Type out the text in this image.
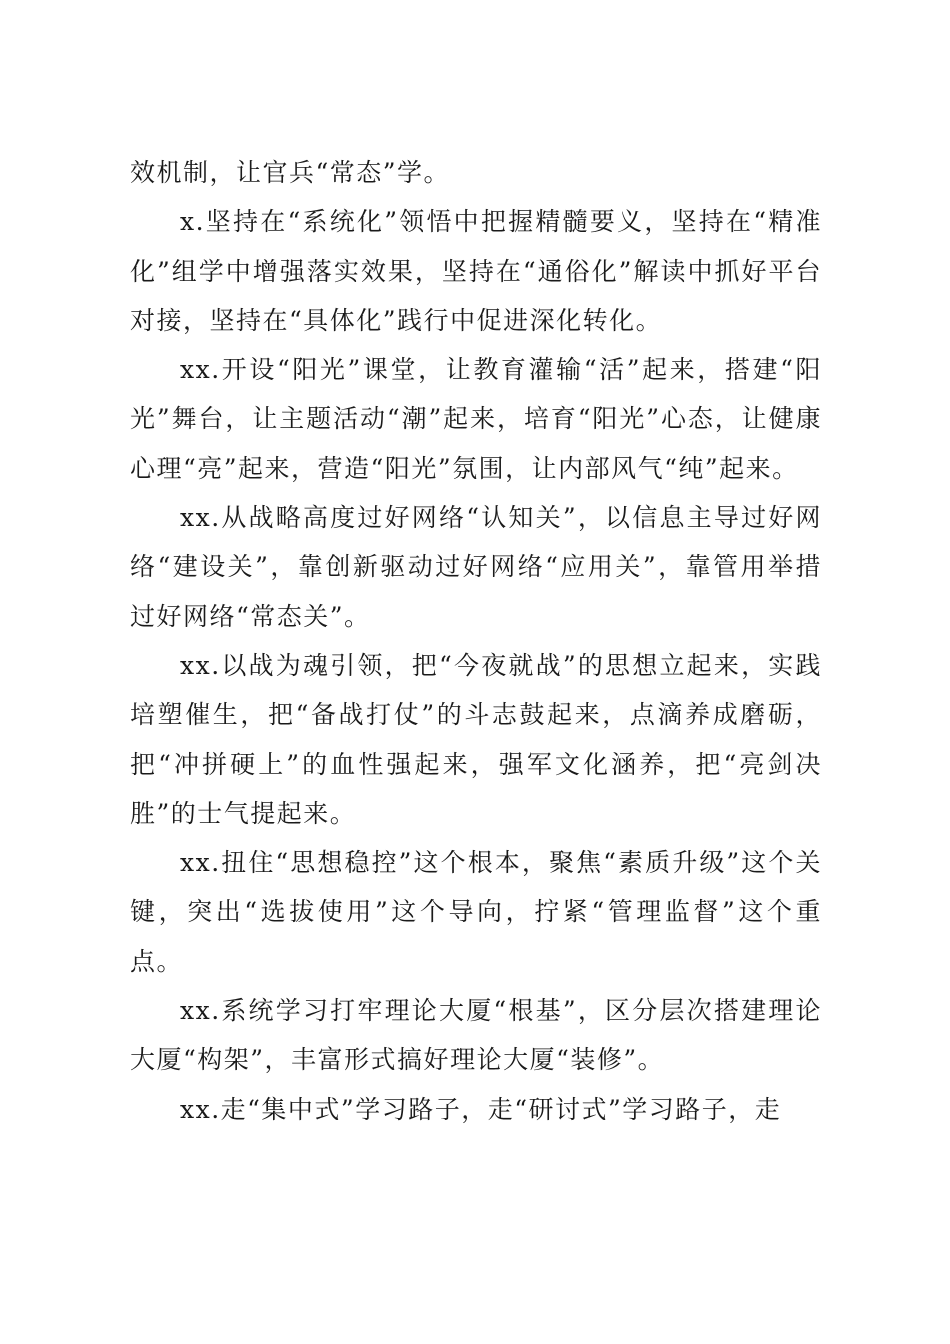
效机制，让官兵“常态”学。

x.坚持在“系统化”领悟中把握精髓要义，坚持在“精准化”组学中增强落实效果，坚持在“通俗化”解读中抓好平台对接，坚持在“具体化”践行中促进深化转化。

xx.开设“阳光”课堂，让教育灌输“活”起来，搭建“阳光”舞台，让主题活动“潮”起来，培育“阳光”心态，让健康心理“亮”起来，营造“阳光”氛围，让内部风气“纯”起来。

xx.从战略高度过好网络“认知关”，以信息主导过好网络“建设关”，靠创新驱动过好网络“应用关”，靠管用举措过好网络“常态关”。

xx.以战为魂引领，把“今夜就战”的思想立起来，实践培塑催生，把“备战打仗”的斗志鼓起来，点滴养成磨砺，把“冲拼硬上”的血性强起来，强军文化涵养，把“亮剑决胜”的士气提起来。

xx.扭住“思想稳控”这个根本，聚焦“素质升级”这个关键，突出“选拔使用”这个导向，拧紧“管理监督”这个重点。

xx.系统学习打牢理论大厦“根基”，区分层次搭建理论大厦“构架”，丰富形式搞好理论大厦“装修”。

xx.走“集中式”学习路子，走“研讨式”学习路子，走
